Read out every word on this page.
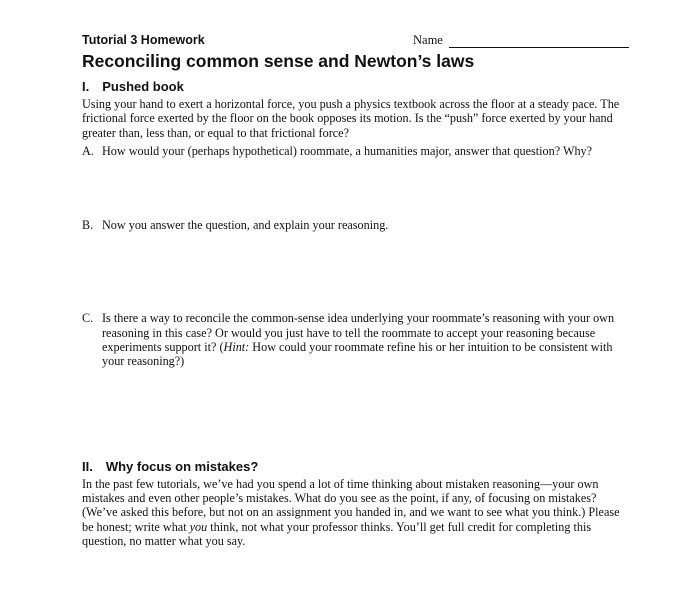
Tutorial 3 Homework	Name
Reconciling common sense and Newton’s laws
I. Pushed book
Using your hand to exert a horizontal force, you push a physics textbook across the floor at a steady pace. The frictional force exerted by the floor on the book opposes its motion. Is the “push” force exerted by your hand greater than, less than, or equal to that frictional force?
A. How would your (perhaps hypothetical) roommate, a humanities major, answer that question? Why?
B. Now you answer the question, and explain your reasoning.
C. Is there a way to reconcile the common-sense idea underlying your roommate’s reasoning with your own reasoning in this case? Or would you just have to tell the roommate to accept your reasoning because experiments support it? (Hint: How could your roommate refine his or her intuition to be consistent with your reasoning?)
II. Why focus on mistakes?
In the past few tutorials, we’ve had you spend a lot of time thinking about mistaken reasoning—your own mistakes and even other people’s mistakes. What do you see as the point, if any, of focusing on mistakes? (We’ve asked this before, but not on an assignment you handed in, and we want to see what you think.) Please be honest; write what you think, not what your professor thinks. You’ll get full credit for completing this question, no matter what you say.
